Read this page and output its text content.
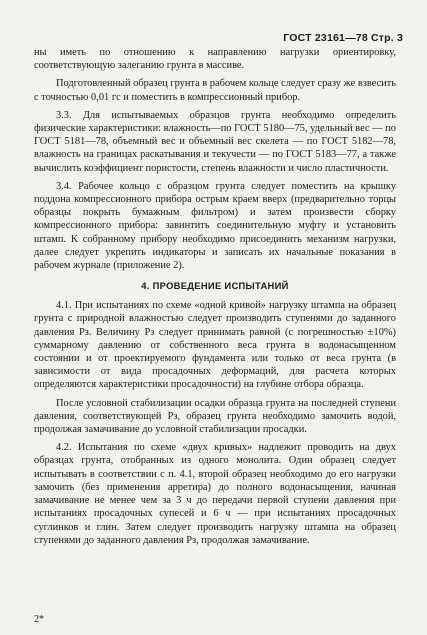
ГОСТ 23161—78 Стр. 3

ны иметь по отношению к направлению нагрузки ориентировку, соответствующую залеганию грунта в массиве.

Подготовленный образец грунта в рабочем кольце следует сразу же взвесить с точностью 0,01 гс и поместить в компрессионный прибор.

3.3. Для испытываемых образцов грунта необходимо определить физические характеристики: влажность—по ГОСТ 5180—75, удельный вес — по ГОСТ 5181—78, объемный вес и объемный вес скелета — по ГОСТ 5182—78, влажность на границах раскатывания и текучести — по ГОСТ 5183—77, а также вычислить коэффициент пористости, степень влажности и число пластичности.

3.4. Рабочее кольцо с образцом грунта следует поместить на крышку поддона компрессионного прибора острым краем вверх (предварительно торцы образцы покрыть бумажным фильтром) и затем произвести сборку компрессионного прибора: завинтить соединительную муфту и установить штамп. К собранному прибору необходимо присоединить механизм нагрузки, далее следует укрепить индикаторы и записать их начальные показания в рабочем журнале (приложение 2).

4. ПРОВЕДЕНИЕ ИСПЫТАНИЙ

4.1. При испытаниях по схеме «одной кривой» нагрузку штампа на образец грунта с природной влажностью следует производить ступенями до заданного давления Pз. Величину Pз следует принимать равной (с погрешностью ±10%) суммарному давлению от собственного веса грунта в водонасыщенном состоянии и от проектируемого фундамента или только от веса грунта (в зависимости от вида просадочных деформаций, для расчета которых определяются характеристики просадочности) на глубине отбора образца.

После условной стабилизации осадки образца грунта на последней ступени давления, соответствующей Pз, образец грунта необходимо замочить водой, продолжая замачивание до условной стабилизации просадки.

4.2. Испытания по схеме «двух кривых» надлежит проводить на двух образцах грунта, отобранных из одного монолита. Один образец следует испытывать в соответствии с п. 4.1, второй образец необходимо до его нагрузки замочить (без применения арретира) до полного водонасыщения, начиная замачивание не менее чем за 3 ч до передачи первой ступени давления при испытаниях просадочных супесей и 6 ч — при испытаниях просадочных суглинков и глин. Затем следует производить нагрузку штампа на образец ступенями до заданного давления Pз, продолжая замачивание.

2*
